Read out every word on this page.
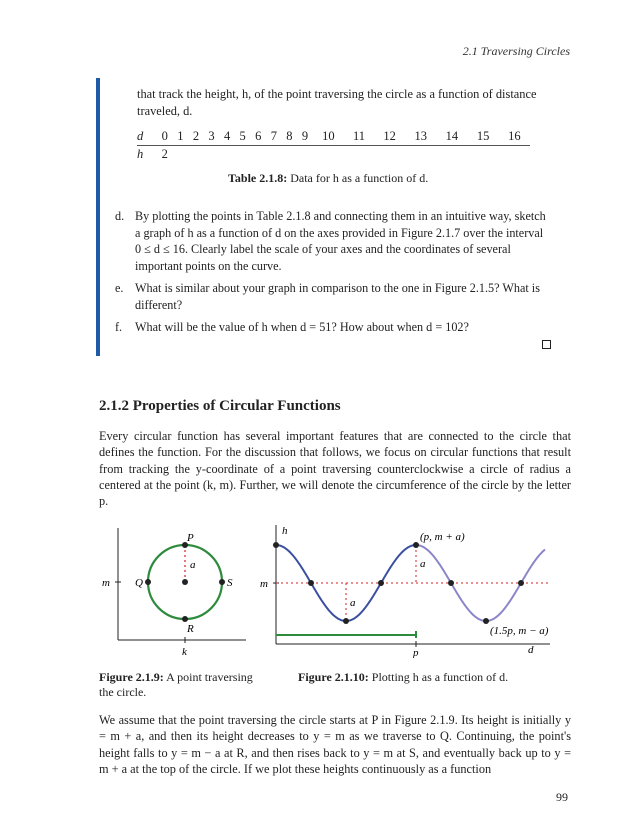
2.1 Traversing Circles
that track the height, h, of the point traversing the circle as a function of distance traveled, d.
d	0	1	2	3	4	5	6	7	8	9	10	11	12	13	14	15	16
h	2																
Table 2.1.8: Data for h as a function of d.
d. By plotting the points in Table 2.1.8 and connecting them in an intuitive way, sketch a graph of h as a function of d on the axes provided in Figure 2.1.7 over the interval 0 ≤ d ≤ 16. Clearly label the scale of your axes and the coordinates of several important points on the curve.
e. What is similar about your graph in comparison to the one in Figure 2.1.5? What is different?
f. What will be the value of h when d = 51? How about when d = 102?
2.1.2 Properties of Circular Functions
Every circular function has several important features that are connected to the circle that defines the function. For the discussion that follows, we focus on circular functions that result from tracking the y-coordinate of a point traversing counterclockwise a circle of radius a centered at the point (k, m). Further, we will denote the circumference of the circle by the letter p.
P
Q	S
R
a
m
k
h
m
d
p
a
a
(p, m + a)
(1.5p, m − a)
Figure 2.1.9: A point traversing the circle.
Figure 2.1.10: Plotting h as a function of d.
We assume that the point traversing the circle starts at P in Figure 2.1.9. Its height is initially y = m + a, and then its height decreases to y = m as we traverse to Q. Continuing, the point's height falls to y = m − a at R, and then rises back to y = m at S, and eventually back up to y = m + a at the top of the circle. If we plot these heights continuously as a function
99
